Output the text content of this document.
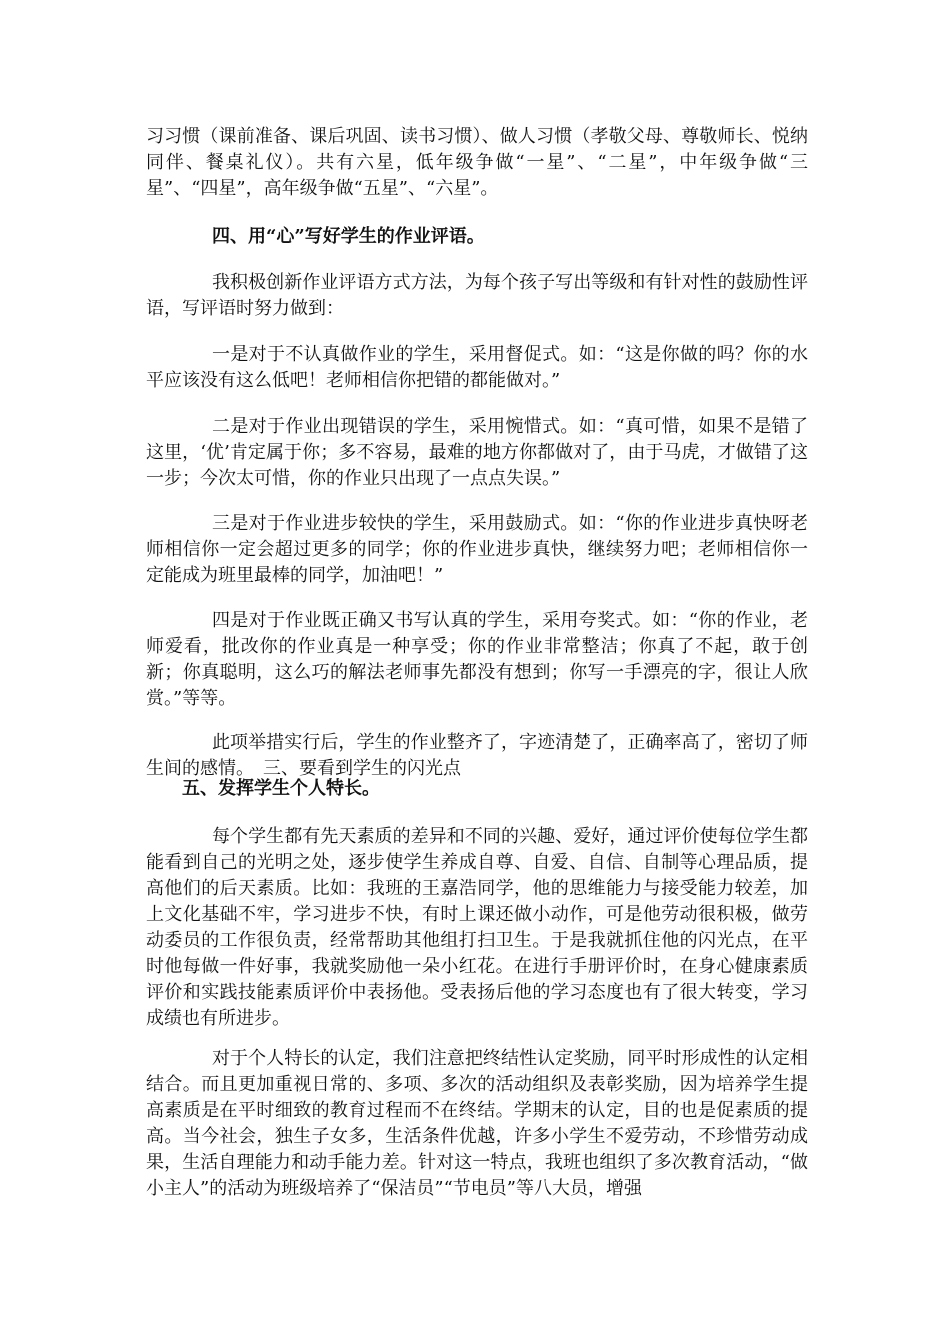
习习惯（课前准备、课后巩固、读书习惯）、做人习惯（孝敬父母、尊敬师长、悦纳同伴、餐桌礼仪）。共有六星，低年级争做“一星”、“二星”，中年级争做“三星”、“四星”，高年级争做“五星”、“六星”。

四、用“心”写好学生的作业评语。

我积极创新作业评语方式方法，为每个孩子写出等级和有针对性的鼓励性评语，写评语时努力做到：

一是对于不认真做作业的学生，采用督促式。如：“这是你做的吗？你的水平应该没有这么低吧！老师相信你把错的都能做对。”

二是对于作业出现错误的学生，采用惋惜式。如：“真可惜，如果不是错了这里，‘优’肯定属于你；多不容易，最难的地方你都做对了，由于马虎，才做错了这一步；今次太可惜，你的作业只出现了一点点失误。”

三是对于作业进步较快的学生，采用鼓励式。如：“你的作业进步真快呀老师相信你一定会超过更多的同学；你的作业进步真快，继续努力吧；老师相信你一定能成为班里最棒的同学，加油吧！”

四是对于作业既正确又书写认真的学生，采用夸奖式。如：“你的作业，老师爱看，批改你的作业真是一种享受；你的作业非常整洁；你真了不起，敢于创新；你真聪明，这么巧的解法老师事先都没有想到；你写一手漂亮的字，很让人欣赏。”等等。

此项举措实行后，学生的作业整齐了，字迹清楚了，正确率高了，密切了师生间的感情。　三、要看到学生的闪光点

五、发挥学生个人特长。

每个学生都有先天素质的差异和不同的兴趣、爱好，通过评价使每位学生都能看到自己的光明之处，逐步使学生养成自尊、自爱、自信、自制等心理品质，提高他们的后天素质。比如：我班的王嘉浩同学，他的思维能力与接受能力较差，加上文化基础不牢，学习进步不快，有时上课还做小动作，可是他劳动很积极，做劳动委员的工作很负责，经常帮助其他组打扫卫生。于是我就抓住他的闪光点，在平时他每做一件好事，我就奖励他一朵小红花。在进行手册评价时，在身心健康素质评价和实践技能素质评价中表扬他。受表扬后他的学习态度也有了很大转变，学习成绩也有所进步。

对于个人特长的认定，我们注意把终结性认定奖励，同平时形成性的认定相结合。而且更加重视日常的、多项、多次的活动组织及表彰奖励，因为培养学生提高素质是在平时细致的教育过程而不在终结。学期末的认定，目的也是促素质的提高。当今社会，独生子女多，生活条件优越，许多小学生不爱劳动，不珍惜劳动成果，生活自理能力和动手能力差。针对这一特点，我班也组织了多次教育活动，“做小主人”的活动为班级培养了“保洁员”“节电员”等八大员，增强
